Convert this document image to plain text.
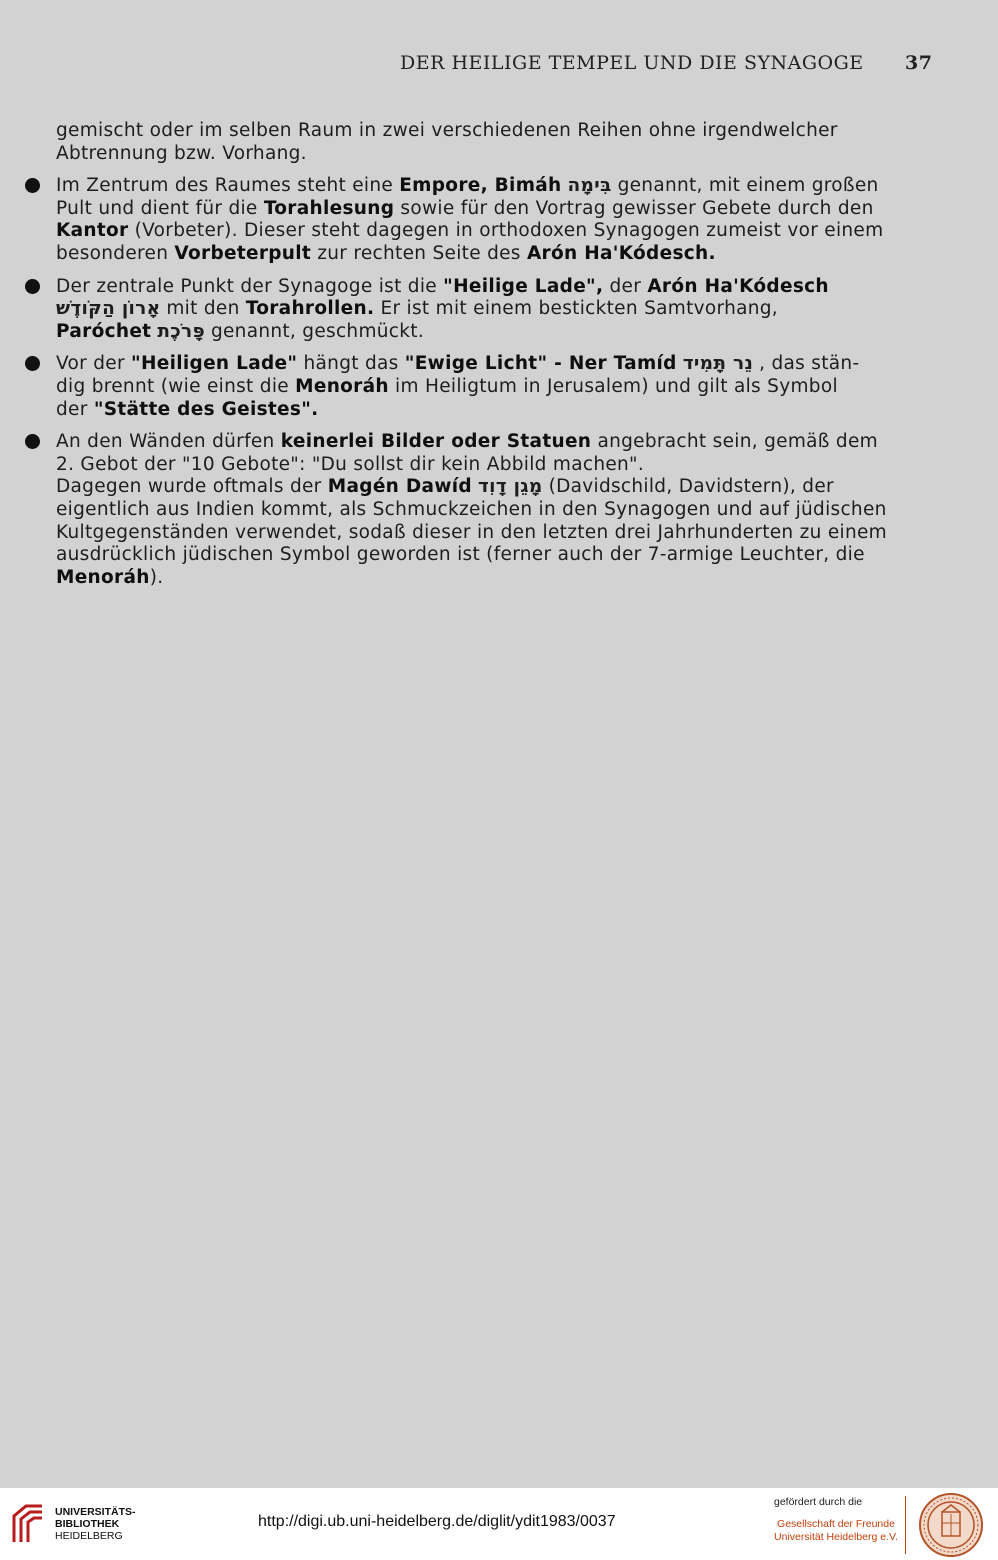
DER HEILIGE TEMPEL UND DIE SYNAGOGE 37
gemischt oder im selben Raum in zwei verschiedenen Reihen ohne irgendwelcher
Abtrennung bzw. Vorhang.
Im Zentrum des Raumes steht eine Empore, Bimáh בִּימָה genannt, mit einem großen
Pult und dient für die Torahlesung sowie für den Vortrag gewisser Gebete durch den
Kantor (Vorbeter). Dieser steht dagegen in orthodoxen Synagogen zumeist vor einem
besonderen Vorbeterpult zur rechten Seite des Arón Ha'Kódesch.
Der zentrale Punkt der Synagoge ist die "Heilige Lade", der Arón Ha'Kódesch
אָרוֹן הַקֹּודֶשׁ mit den Torahrollen. Er ist mit einem bestickten Samtvorhang,
Paróchet פָּרֹכֶת genannt, geschmückt.
Vor der "Heiligen Lade" hängt das "Ewige Licht" - Ner Tamíd נֵר תָּמִיד , das stän-
dig brennt (wie einst die Menoráh im Heiligtum in Jerusalem) und gilt als Symbol
der "Stätte des Geistes".
An den Wänden dürfen keinerlei Bilder oder Statuen angebracht sein, gemäß dem
2. Gebot der "10 Gebote": "Du sollst dir kein Abbild machen".
Dagegen wurde oftmals der Magén Dawíd מָגֵן דָוִד (Davidschild, Davidstern), der
eigentlich aus Indien kommt, als Schmuckzeichen in den Synagogen und auf jüdischen
Kultgegenständen verwendet, sodaß dieser in den letzten drei Jahrhunderten zu einem
ausdrücklich jüdischen Symbol geworden ist (ferner auch der 7-armige Leuchter, die
Menoráh).
UNIVERSITÄTS-
BIBLIOTHEK
HEIDELBERG
http://digi.ub.uni-heidelberg.de/diglit/ydit1983/0037
gefördert durch die
Gesellschaft der Freunde
Universität Heidelberg e.V.
